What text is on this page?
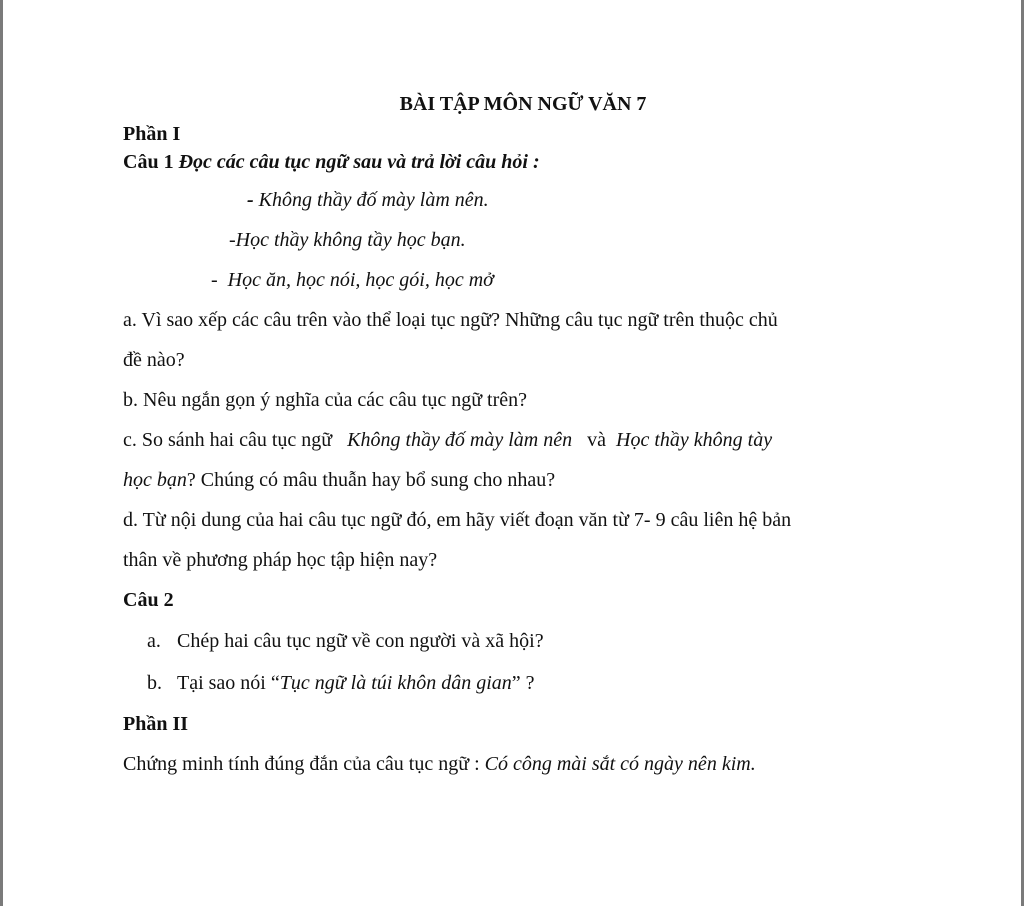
BÀI TẬP MÔN NGỮ VĂN 7
Phần I
Câu 1 Đọc các câu tục ngữ sau và trả lời câu hỏi :
- Không thầy đố mày làm nên.
-Học thầy không tầy học bạn.
- Học ăn, học nói, học gói, học mở
a. Vì sao xếp các câu trên vào thể loại tục ngữ? Những câu tục ngữ trên thuộc chủ
đề nào?
b. Nêu ngắn gọn ý nghĩa của các câu tục ngữ trên?
c. So sánh hai câu tục ngữ Không thầy đố mày làm nên và Học thầy không tày
học bạn? Chúng có mâu thuẫn hay bổ sung cho nhau?
d. Từ nội dung của hai câu tục ngữ đó, em hãy viết đoạn văn từ 7- 9 câu liên hệ bản
thân về phương pháp học tập hiện nay?
Câu 2
a. Chép hai câu tục ngữ về con người và xã hội?
b. Tại sao nói “Tục ngữ là túi khôn dân gian” ?
Phần II
Chứng minh tính đúng đắn của câu tục ngữ : Có công mài sắt có ngày nên kim.
